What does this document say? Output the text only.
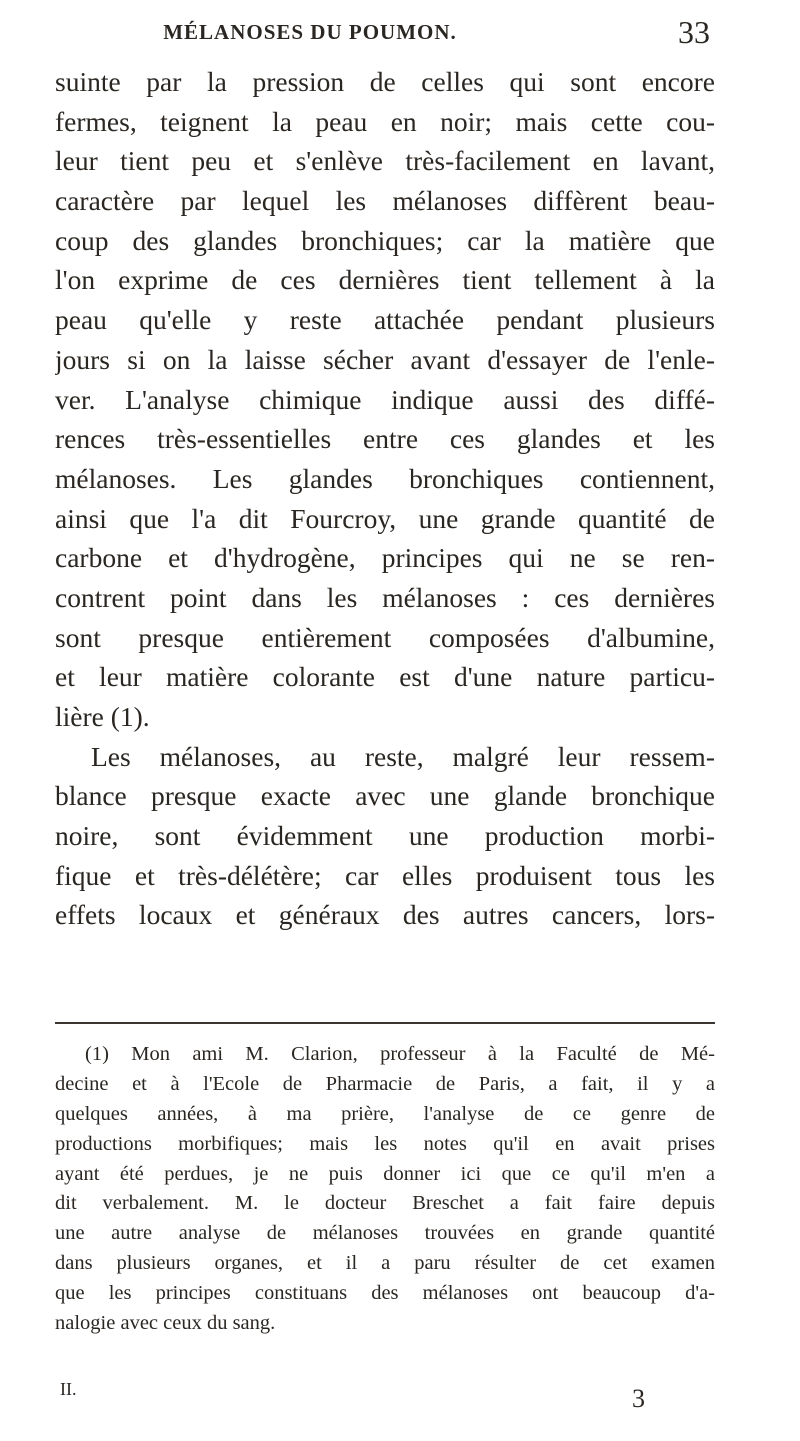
MÉLANOSES DU POUMON.	33
suinte par la pression de celles qui sont encore
fermes, teignent la peau en noir; mais cette cou-
leur tient peu et s'enlève très-facilement en lavant,
caractère par lequel les mélanoses diffèrent beau-
coup des glandes bronchiques; car la matière que
l'on exprime de ces dernières tient tellement à la
peau qu'elle y reste attachée pendant plusieurs
jours si on la laisse sécher avant d'essayer de l'enle-
ver. L'analyse chimique indique aussi des diffé-
rences très-essentielles entre ces glandes et les
mélanoses. Les glandes bronchiques contiennent,
ainsi que l'a dit Fourcroy, une grande quantité de
carbone et d'hydrogène, principes qui ne se ren-
contrent point dans les mélanoses : ces dernières
sont presque entièrement composées d'albumine,
et leur matière colorante est d'une nature particu-
lière (1).
Les mélanoses, au reste, malgré leur ressem-
blance presque exacte avec une glande bronchique
noire, sont évidemment une production morbi-
fique et très-délétère; car elles produisent tous les
effets locaux et généraux des autres cancers, lors-
(1) Mon ami M. Clarion, professeur à la Faculté de Mé-
decine et à l'Ecole de Pharmacie de Paris, a fait, il y a
quelques années, à ma prière, l'analyse de ce genre de
productions morbifiques; mais les notes qu'il en avait prises
ayant été perdues, je ne puis donner ici que ce qu'il m'en a
dit verbalement. M. le docteur Breschet a fait faire depuis
une autre analyse de mélanoses trouvées en grande quantité
dans plusieurs organes, et il a paru résulter de cet examen
que les principes constituans des mélanoses ont beaucoup d'a-
nalogie avec ceux du sang.
II.	3
